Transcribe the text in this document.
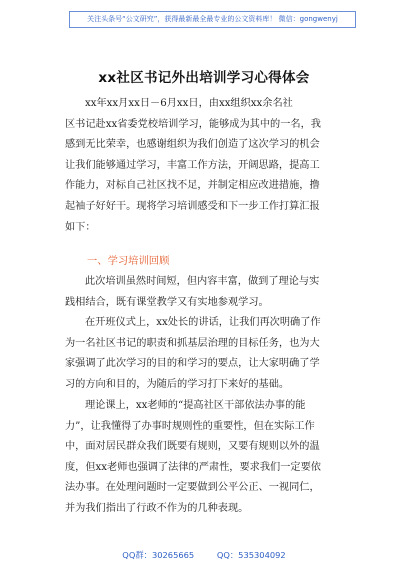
关注头条号“公文研究”，获得最新最全最专业的公文资料库！ 微信：gongwenyj
xx社区书记外出培训学习心得体会
xx年xx月xx日－6月xx日，由xx组织xx余名社
区书记赴xx省委党校培训学习，能够成为其中的一名，我
感到无比荣幸，也感谢组织为我们创造了这次学习的机会
让我们能够通过学习，丰富工作方法，开阔思路，提高工
作能力，对标自己社区找不足，并制定相应改进措施，撸
起袖子好好干。现将学习培训感受和下一步工作打算汇报
如下：
一、学习培训回顾
此次培训虽然时间短，但内容丰富，做到了理论与实
践相结合，既有课堂教学又有实地参观学习。
在开班仪式上，xx处长的讲话，让我们再次明确了作
为一名社区书记的职责和抓基层治理的目标任务，也为大
家强调了此次学习的目的和学习的要点，让大家明确了学
习的方向和目的，为随后的学习打下来好的基础。
理论课上，xx老师的“提高社区干部依法办事的能
力”，让我懂得了办事时规则性的重要性，但在实际工作
中，面对居民群众我们既要有规则，又要有规则以外的温
度，但xx老师也强调了法律的严肃性，要求我们一定要依
法办事。在处理问题时一定要做到公平公正、一视同仁，
并为我们指出了行政不作为的几种表现。
QQ群：30265665	QQ：535304092
